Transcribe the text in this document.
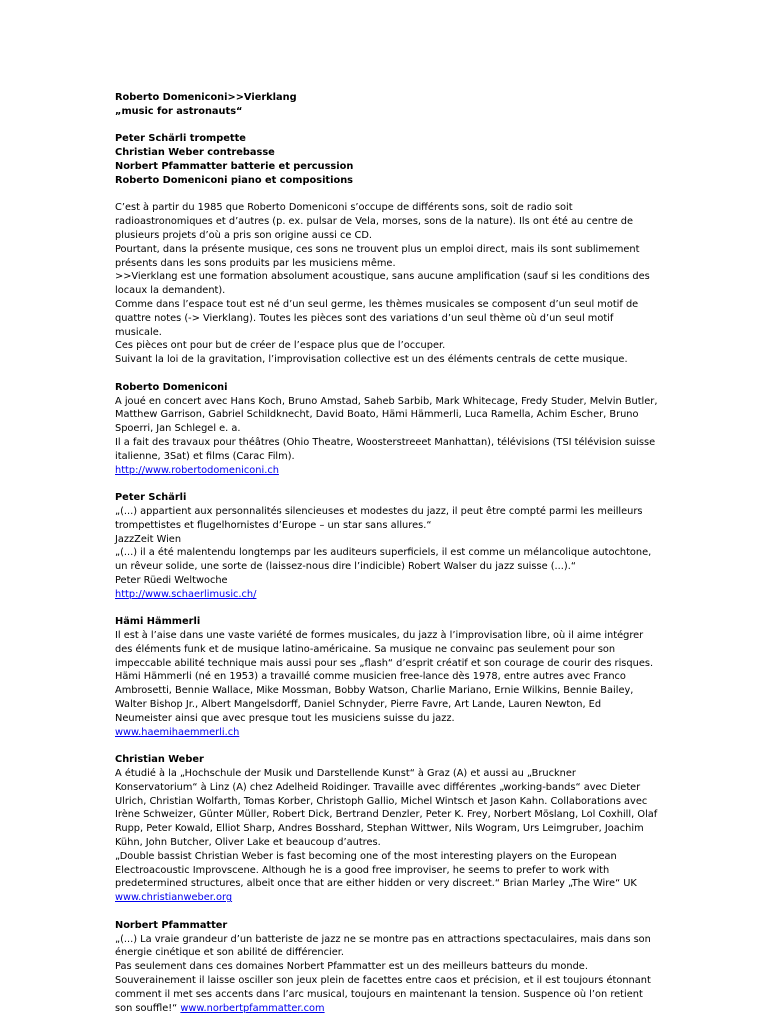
Roberto Domeniconi>>Vierklang

„music for astronauts“

Peter Schärli trompette

Christian Weber contrebasse

Norbert Pfammatter batterie et percussion

Roberto Domeniconi piano et compositions

C’est à partir du 1985 que Roberto Domeniconi s’occupe de différents sons, soit de radio soit radioastronomiques et d’autres (p. ex. pulsar de Vela, morses, sons de la nature). Ils ont été au centre de plusieurs projets d’où a pris son origine aussi ce CD.

Pourtant, dans la présente musique, ces sons ne trouvent plus un emploi direct, mais ils sont sublimement présents dans les sons produits par les musiciens même.

>>Vierklang est une formation absolument acoustique, sans aucune amplification (sauf si les conditions des locaux la demandent).

Comme dans l’espace tout est né d’un seul germe, les thèmes musicales se composent d’un seul motif de quattre notes (-> Vierklang). Toutes les pièces sont des variations d’un seul thème où d’un seul motif musicale.

Ces pièces ont pour but de créer de l’espace plus que de l’occuper.

Suivant la loi de la gravitation, l’improvisation collective est un des éléments centrals de cette musique.

Roberto Domeniconi

A joué en concert avec Hans Koch, Bruno Amstad, Saheb Sarbib, Mark Whitecage, Fredy Studer, Melvin Butler, Matthew Garrison, Gabriel Schildknecht, David Boato, Hämi Hämmerli, Luca Ramella, Achim Escher, Bruno Spoerri, Jan Schlegel e. a.

Il a fait des travaux pour théâtres (Ohio Theatre, Woosterstreeet Manhattan), télévisions (TSI télévision suisse italienne, 3Sat) et films (Carac Film).

http://www.robertodomeniconi.ch

Peter Schärli

„(...) appartient aux personnalités silencieuses et modestes du jazz, il peut être compté parmi les meilleurs trompettistes et flugelhornistes d’Europe – un star sans allures.“

JazzZeit Wien

„(...) il a été malentendu longtemps par les auditeurs superficiels, il est comme un mélancolique autochtone, un rêveur solide, une sorte de (laissez-nous dire l’indicible) Robert Walser du jazz suisse (...).“

Peter Rüedi Weltwoche

http://www.schaerlimusic.ch/

Hämi Hämmerli

Il est à l’aise dans une vaste variété de formes musicales, du jazz à l’improvisation libre, où il aime intégrer des éléments funk et de musique latino-américaine. Sa musique ne convainc pas seulement pour son impeccable abilité technique mais aussi pour ses „flash“ d’esprit créatif et son courage de courir des risques. Hämi Hämmerli (né en 1953) a travaillé comme musicien free-lance dès 1978, entre autres avec Franco Ambrosetti, Bennie Wallace, Mike Mossman, Bobby Watson, Charlie Mariano, Ernie Wilkins, Bennie Bailey, Walter Bishop Jr., Albert Mangelsdorff, Daniel Schnyder, Pierre Favre, Art Lande, Lauren Newton, Ed Neumeister ainsi que avec presque tout les musiciens suisse du jazz.

www.haemihaemmerli.ch

Christian Weber

A étudié à la „Hochschule der Musik und Darstellende Kunst“ à Graz (A) et aussi au „Bruckner Konservatorium“ à Linz (A) chez Adelheid Roidinger. Travaille avec différentes „working-bands“ avec Dieter Ulrich, Christian Wolfarth, Tomas Korber, Christoph Gallio, Michel Wintsch et Jason Kahn. Collaborations avec Irène Schweizer, Günter Müller, Robert Dick, Bertrand Denzler, Peter K. Frey, Norbert Möslang, Lol Coxhill, Olaf Rupp, Peter Kowald, Elliot Sharp, Andres Bosshard, Stephan Wittwer, Nils Wogram, Urs Leimgruber, Joachim Kühn, John Butcher, Oliver Lake et beaucoup d’autres.

„Double bassist Christian Weber is fast becoming one of the most interesting players on the European Electroacoustic Improvscene. Although he is a good free improviser, he seems to prefer to work with predetermined structures, albeit once that are either hidden or very discreet.“ Brian Marley „The Wire“ UK

www.christianweber.org

Norbert Pfammatter

„(...) La vraie grandeur d’un batteriste de jazz ne se montre pas en attractions spectaculaires, mais dans son énergie cinétique et son abilité de différencier.

Pas seulement dans ces domaines Norbert Pfammatter est un des meilleurs batteurs du monde. Souverainement il laisse osciller son jeux plein de facettes entre caos et précision, et il est toujours étonnant comment il met ses accents dans l’arc musical, toujours en maintenant la tension. Suspence où l’on retient son souffle!“ www.norbertpfammatter.com
